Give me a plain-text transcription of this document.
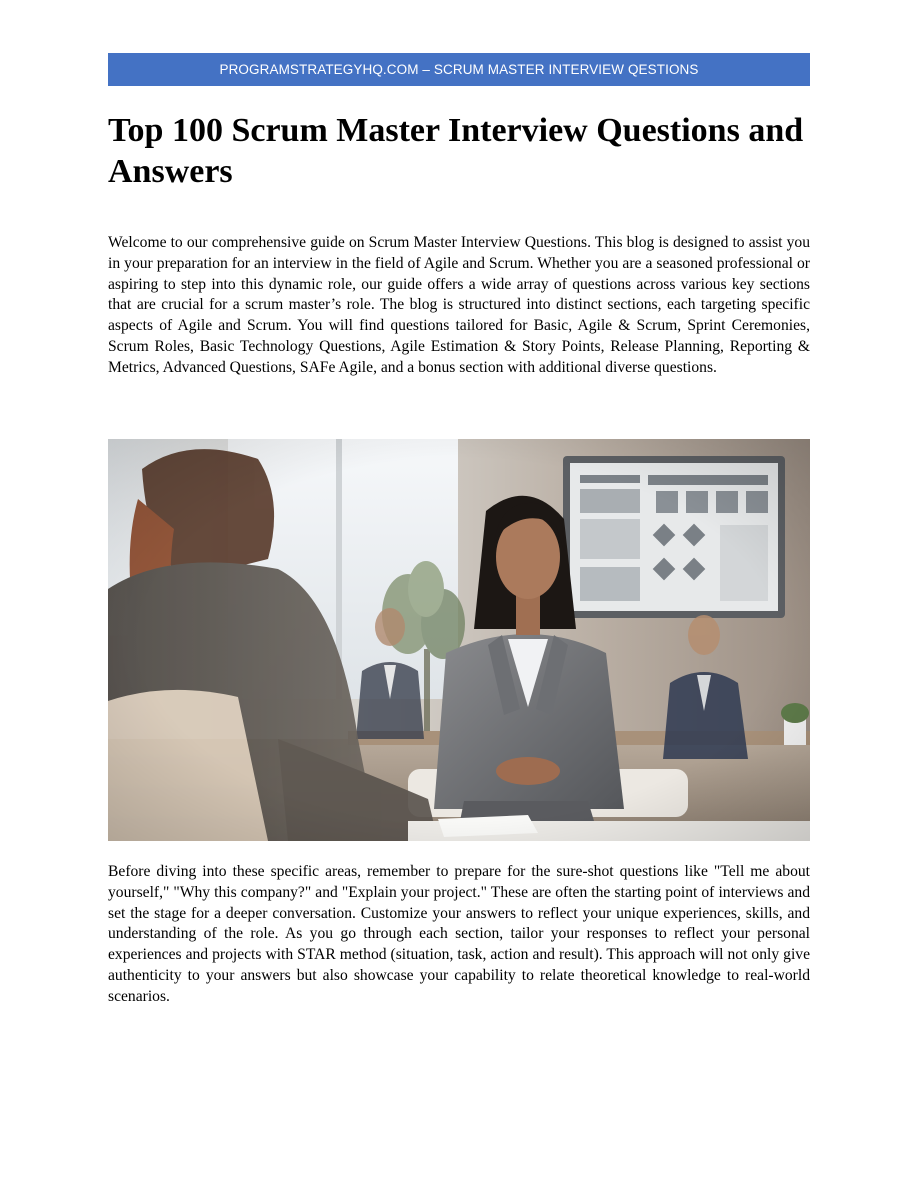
PROGRAMSTRATEGYHQ.COM – SCRUM MASTER INTERVIEW QESTIONS
Top 100 Scrum Master Interview Questions and Answers

Welcome to our comprehensive guide on Scrum Master Interview Questions. This blog is designed to assist you in your preparation for an interview in the field of Agile and Scrum. Whether you are a seasoned professional or aspiring to step into this dynamic role, our guide offers a wide array of questions across various key sections that are crucial for a scrum master’s role. The blog is structured into distinct sections, each targeting specific aspects of Agile and Scrum. You will find questions tailored for Basic, Agile & Scrum, Sprint Ceremonies, Scrum Roles, Basic Technology Questions, Agile Estimation & Story Points, Release Planning, Reporting & Metrics, Advanced Questions, SAFe Agile, and a bonus section with additional diverse questions.

Before diving into these specific areas, remember to prepare for the sure-shot questions like "Tell me about yourself," "Why this company?" and "Explain your project." These are often the starting point of interviews and set the stage for a deeper conversation. Customize your answers to reflect your unique experiences, skills, and understanding of the role. As you go through each section, tailor your responses to reflect your personal experiences and projects with STAR method (situation, task, action and result). This approach will not only give authenticity to your answers but also showcase your capability to relate theoretical knowledge to real-world scenarios.
